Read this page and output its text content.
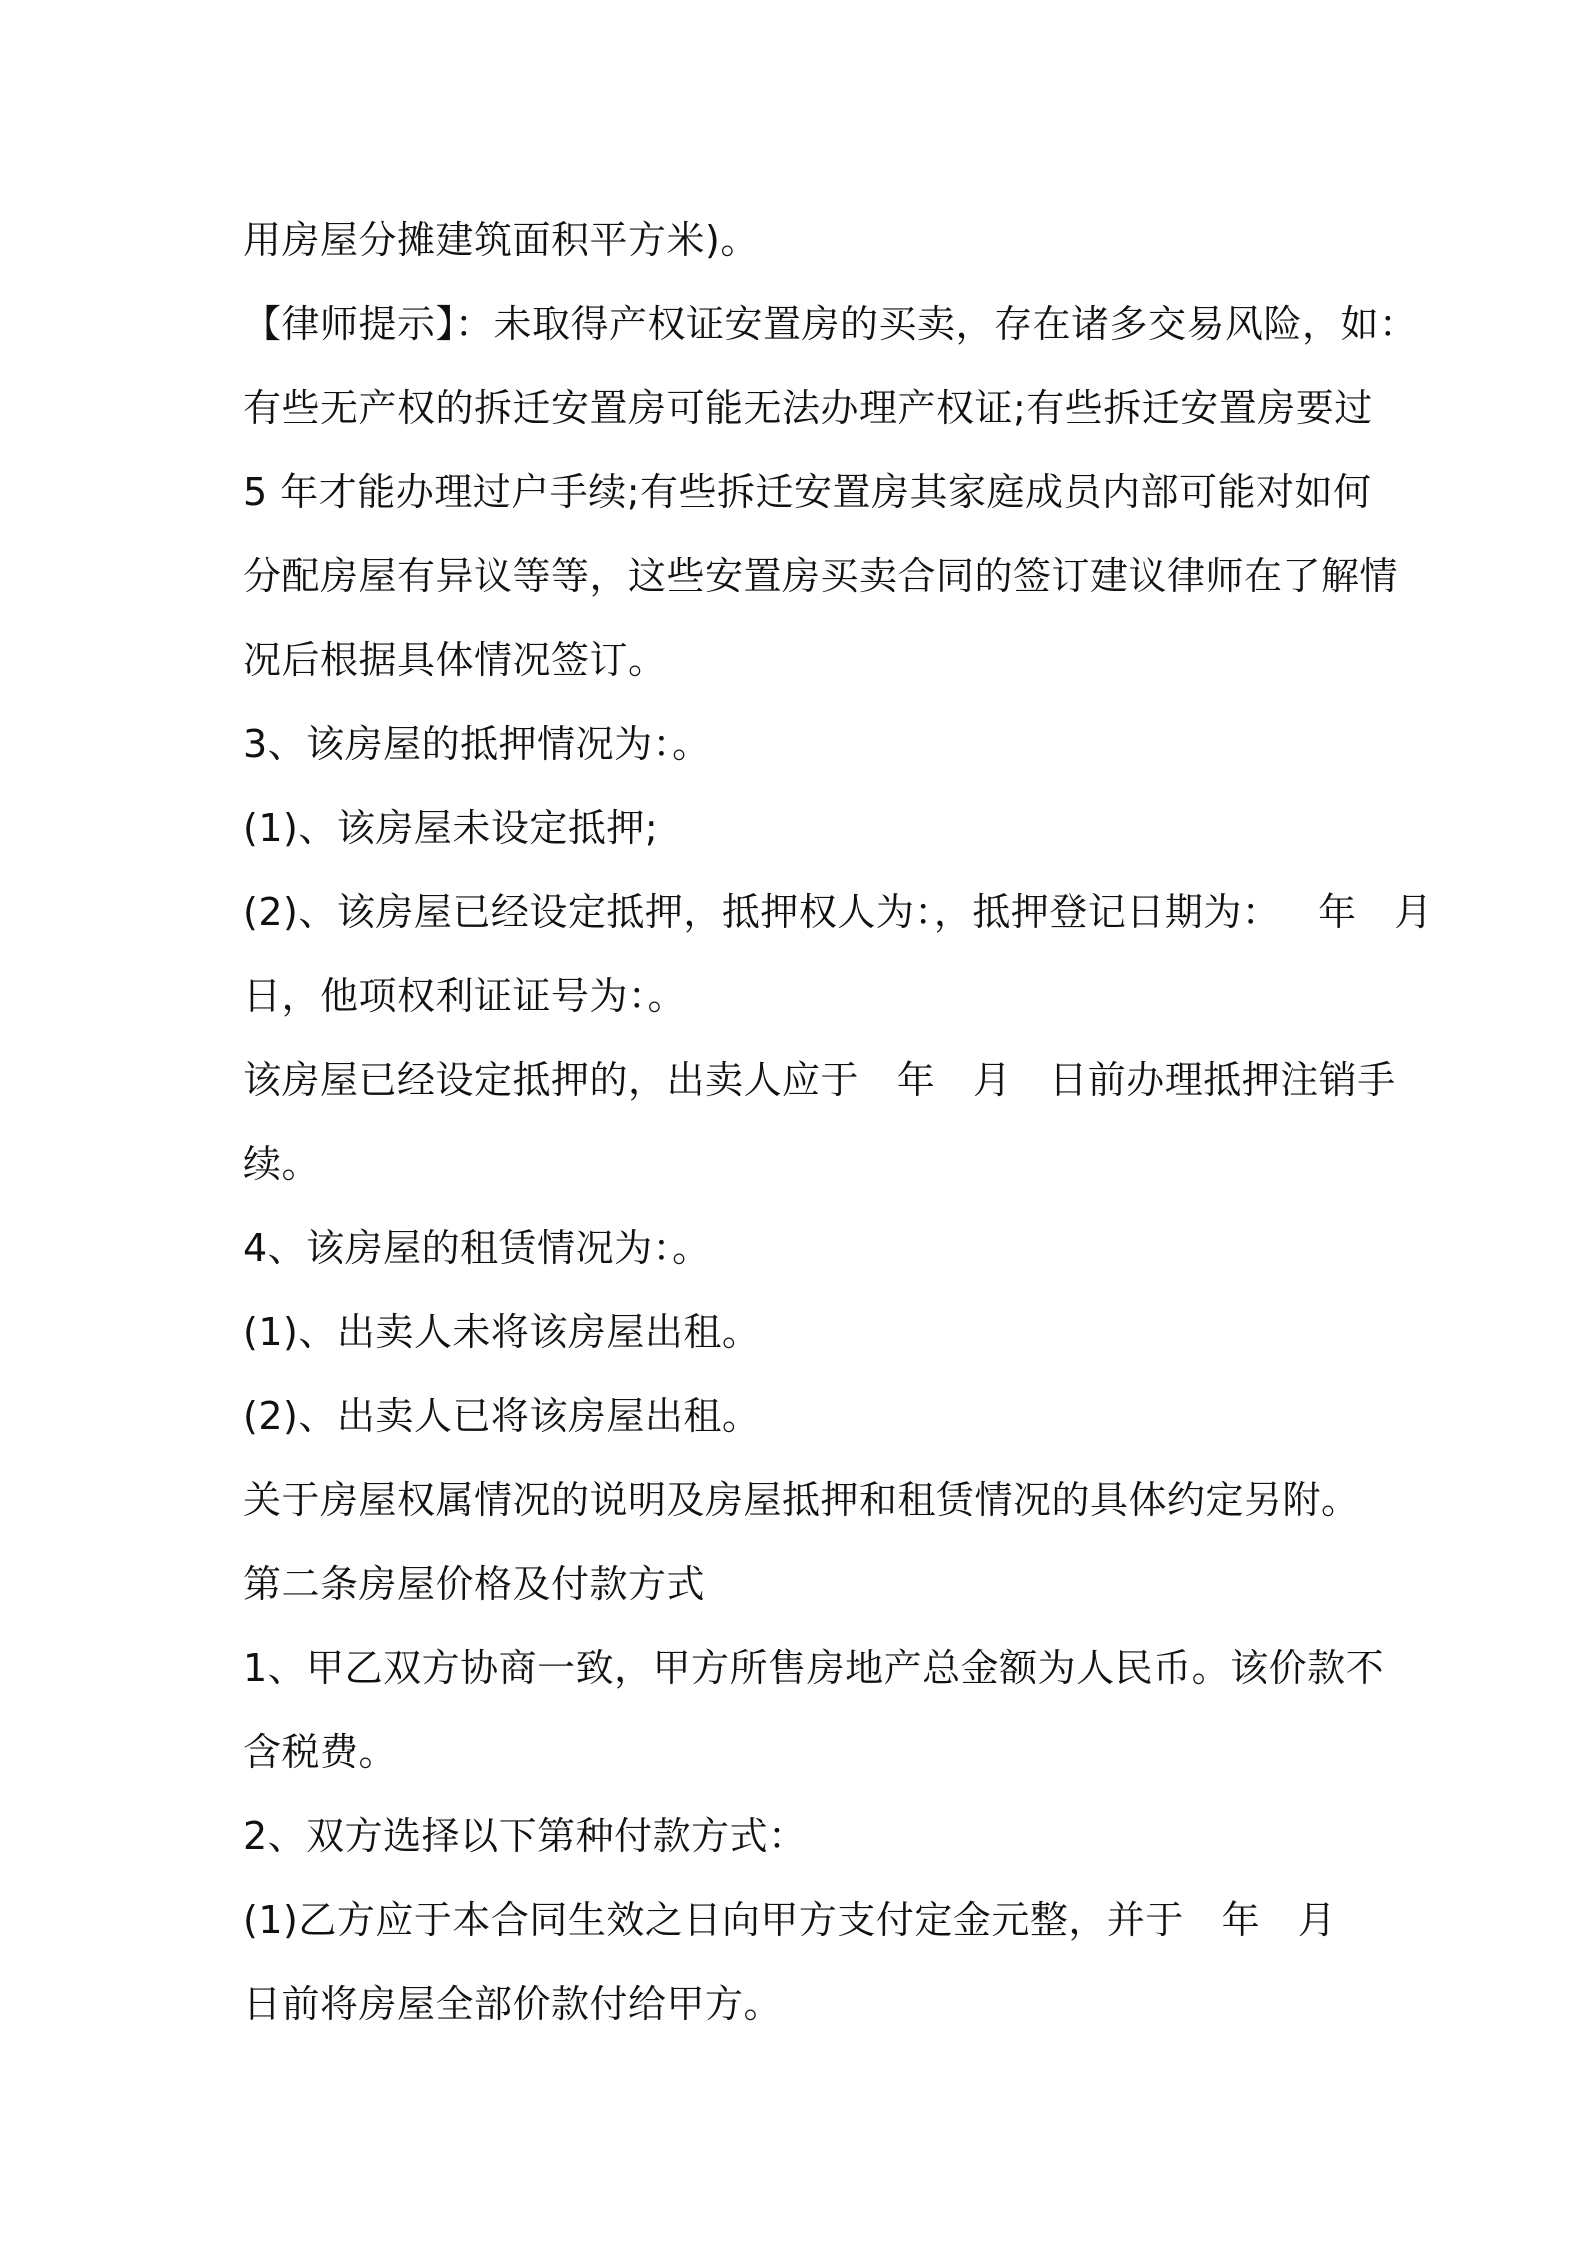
用房屋分摊建筑面积平方米)。
【律师提示】：未取得产权证安置房的买卖，存在诸多交易风险，如：
有些无产权的拆迁安置房可能无法办理产权证;有些拆迁安置房要过
5 年才能办理过户手续;有些拆迁安置房其家庭成员内部可能对如何
分配房屋有异议等等，这些安置房买卖合同的签订建议律师在了解情
况后根据具体情况签订。
3、该房屋的抵押情况为：。
(1)、该房屋未设定抵押;
(2)、该房屋已经设定抵押，抵押权人为：，抵押登记日期为：   年   月
日，他项权利证证号为：。
该房屋已经设定抵押的，出卖人应于   年   月   日前办理抵押注销手
续。
4、该房屋的租赁情况为：。
(1)、出卖人未将该房屋出租。
(2)、出卖人已将该房屋出租。
关于房屋权属情况的说明及房屋抵押和租赁情况的具体约定另附。
第二条房屋价格及付款方式
1、甲乙双方协商一致，甲方所售房地产总金额为人民币。该价款不
含税费。
2、双方选择以下第种付款方式：
(1)乙方应于本合同生效之日向甲方支付定金元整，并于   年   月
日前将房屋全部价款付给甲方。
